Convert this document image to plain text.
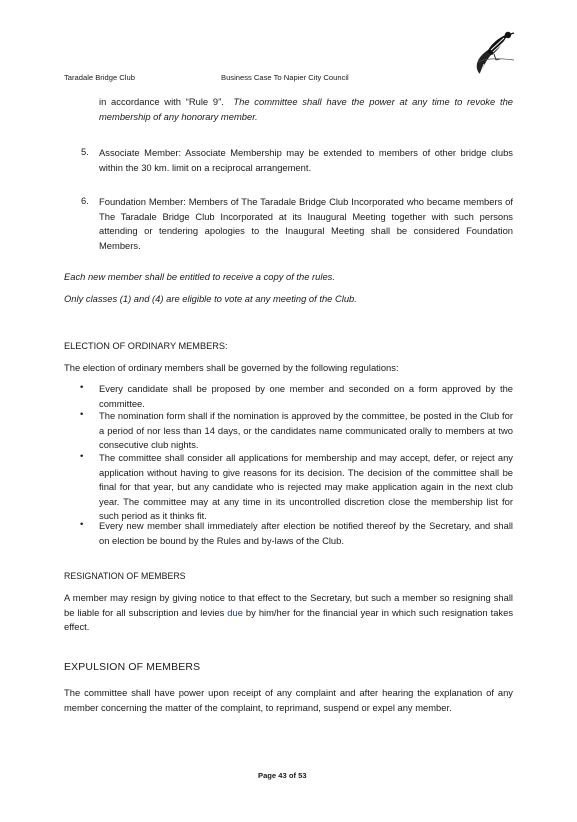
Taradale Bridge Club	Business Case To Napier City Council
in accordance with “Rule 9”. The committee shall have the power at any time to revoke the membership of any honorary member.
5. Associate Member: Associate Membership may be extended to members of other bridge clubs within the 30 km. limit on a reciprocal arrangement.
6. Foundation Member: Members of The Taradale Bridge Club Incorporated who became members of The Taradale Bridge Club Incorporated at its Inaugural Meeting together with such persons attending or tendering apologies to the Inaugural Meeting shall be considered Foundation Members.
Each new member shall be entitled to receive a copy of the rules.
Only classes (1) and (4) are eligible to vote at any meeting of the Club.
ELECTION OF ORDINARY MEMBERS:
The election of ordinary members shall be governed by the following regulations:
• Every candidate shall be proposed by one member and seconded on a form approved by the committee.
• The nomination form shall if the nomination is approved by the committee, be posted in the Club for a period of nor less than 14 days, or the candidates name communicated orally to members at two consecutive club nights.
• The committee shall consider all applications for membership and may accept, defer, or reject any application without having to give reasons for its decision. The decision of the committee shall be final for that year, but any candidate who is rejected may make application again in the next club year. The committee may at any time in its uncontrolled discretion close the membership list for such period as it thinks fit.
• Every new member shall immediately after election be notified thereof by the Secretary, and shall on election be bound by the Rules and by-laws of the Club.
RESIGNATION OF MEMBERS
A member may resign by giving notice to that effect to the Secretary, but such a member so resigning shall be liable for all subscription and levies due by him/her for the financial year in which such resignation takes effect.
EXPULSION OF MEMBERS
The committee shall have power upon receipt of any complaint and after hearing the explanation of any member concerning the matter of the complaint, to reprimand, suspend or expel any member.
Page 43 of 53
